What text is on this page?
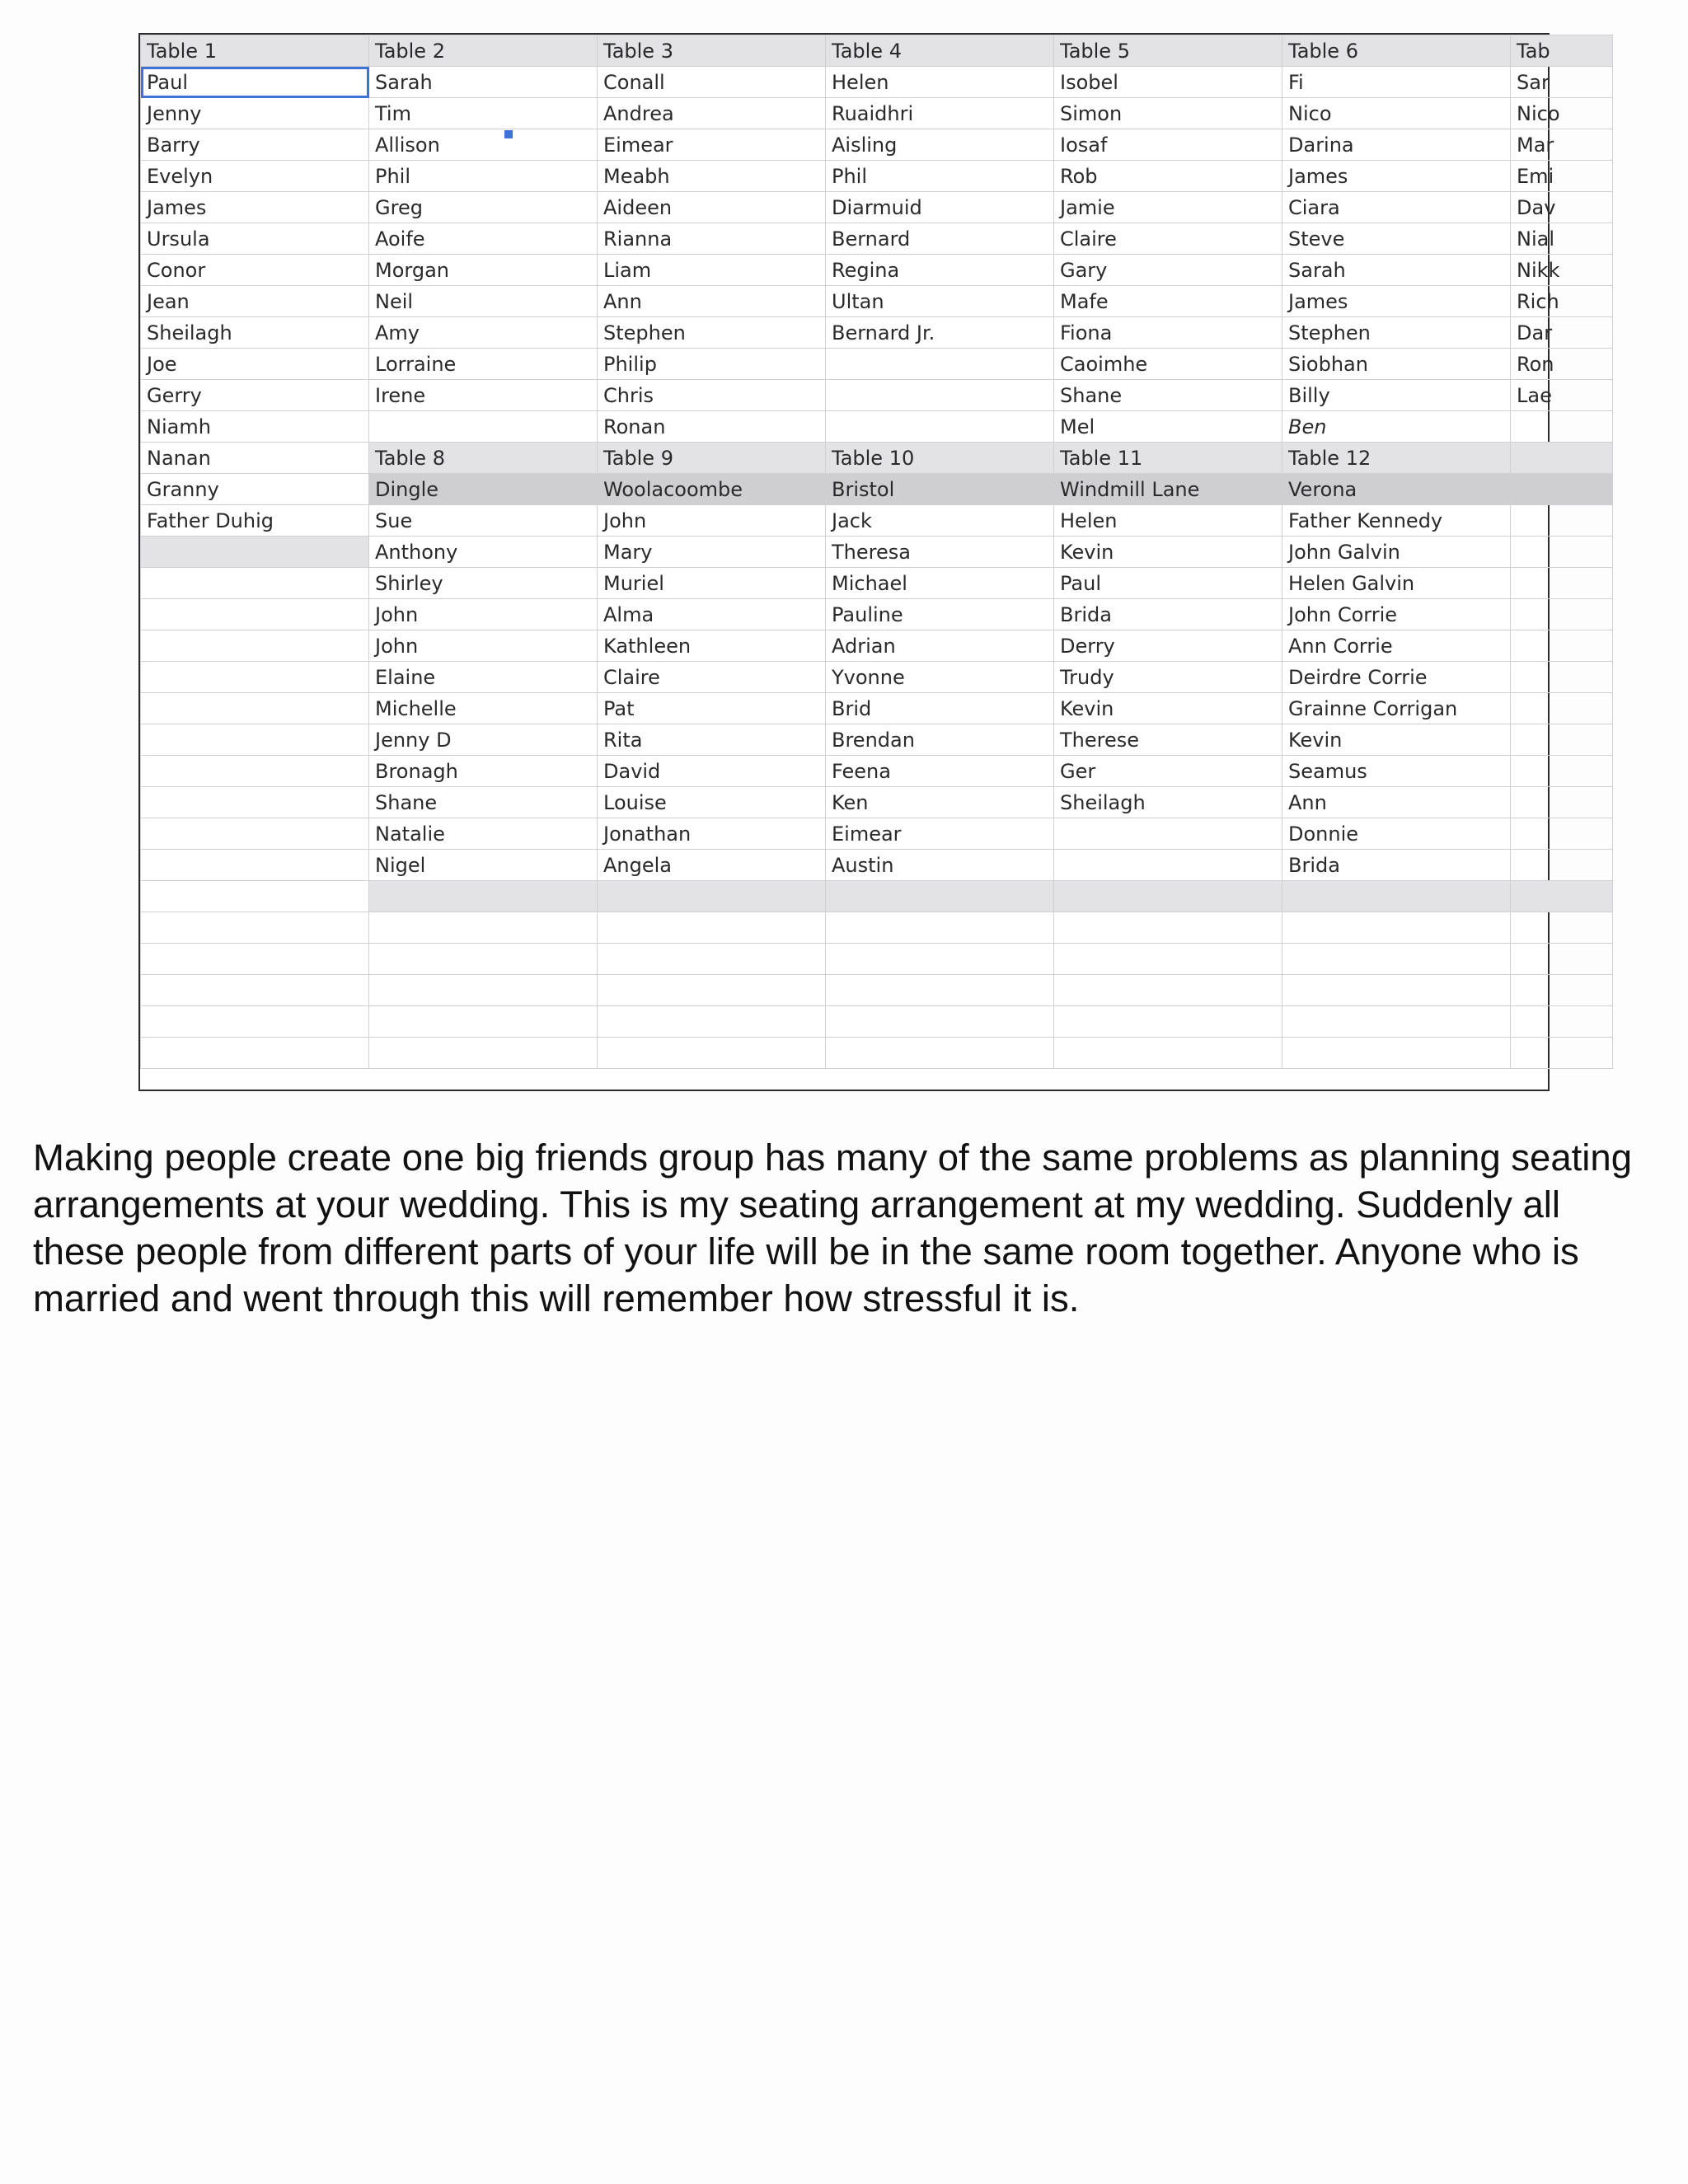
Table 1	Table 2	Table 3	Table 4	Table 5	Table 6	Tab
Paul	Sarah	Conall	Helen	Isobel	Fi	Sar
Jenny	Tim	Andrea	Ruaidhri	Simon	Nico	Nico
Barry	Allison	Eimear	Aisling	Iosaf	Darina	Mar
Evelyn	Phil	Meabh	Phil	Rob	James	Emi
James	Greg	Aideen	Diarmuid	Jamie	Ciara	Dav
Ursula	Aoife	Rianna	Bernard	Claire	Steve	Nial
Conor	Morgan	Liam	Regina	Gary	Sarah	Nikk
Jean	Neil	Ann	Ultan	Mafe	James	Rich
Sheilagh	Amy	Stephen	Bernard Jr.	Fiona	Stephen	Dar
Joe	Lorraine	Philip		Caoimhe	Siobhan	Ron
Gerry	Irene	Chris		Shane	Billy	Lae
Niamh		Ronan		Mel	Ben	
Nanan	Table 8	Table 9	Table 10	Table 11	Table 12	
Granny	Dingle	Woolacoombe	Bristol	Windmill Lane	Verona	
Father Duhig	Sue	John	Jack	Helen	Father Kennedy	
	Anthony	Mary	Theresa	Kevin	John Galvin	
	Shirley	Muriel	Michael	Paul	Helen Galvin	
	John	Alma	Pauline	Brida	John Corrie	
	John	Kathleen	Adrian	Derry	Ann Corrie	
	Elaine	Claire	Yvonne	Trudy	Deirdre Corrie	
	Michelle	Pat	Brid	Kevin	Grainne Corrigan	
	Jenny D	Rita	Brendan	Therese	Kevin	
	Bronagh	David	Feena	Ger	Seamus	
	Shane	Louise	Ken	Sheilagh	Ann	
	Natalie	Jonathan	Eimear		Donnie	
	Nigel	Angela	Austin		Brida	

Making people create one big friends group has many of the same problems as planning seating arrangements at your wedding. This is my seating arrangement at my wedding. Suddenly all these people from different parts of your life will be in the same room together. Anyone who is married and went through this will remember how stressful it is.
